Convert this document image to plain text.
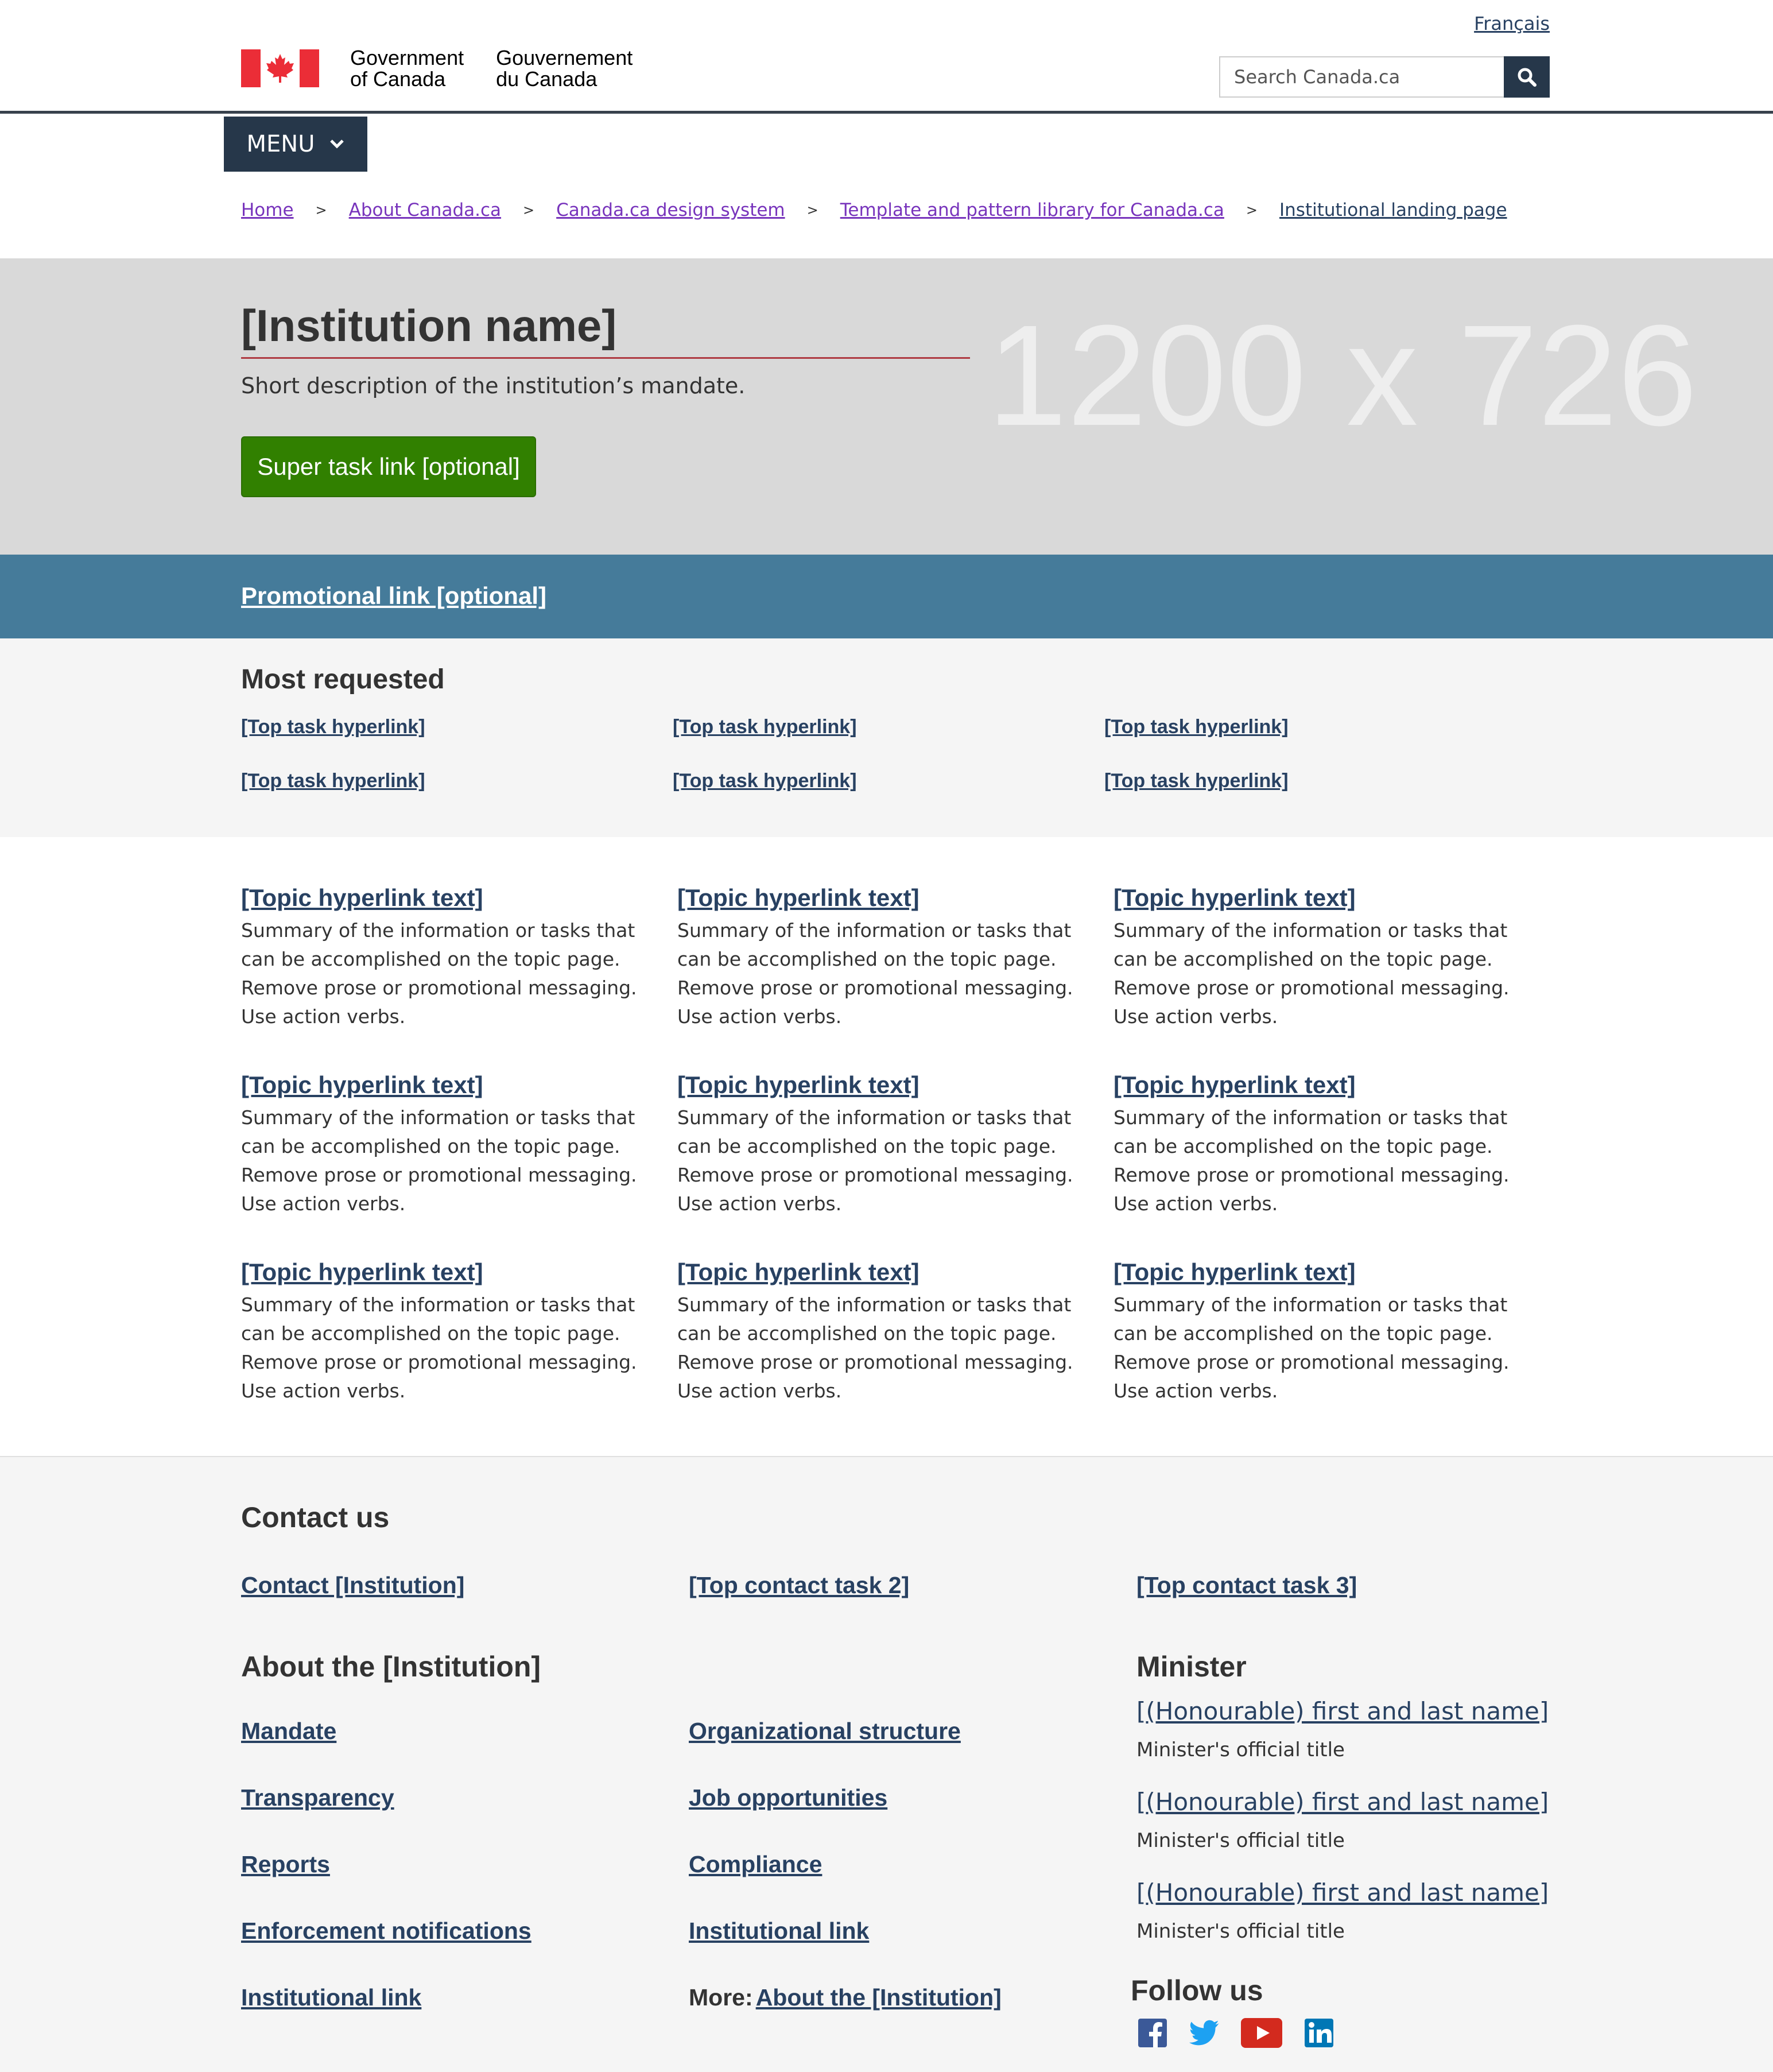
Français
Government
of Canada
Gouvernement
du Canada
Search Canada.ca
MENU
Home > About Canada.ca > Canada.ca design system > Template and pattern library for Canada.ca > Institutional landing page
1200 x 726
[Institution name]

Short description of the institution’s mandate.

Super task link [optional]
Promotional link [optional]
Most requested
[Top task hyperlink]	[Top task hyperlink]	[Top task hyperlink]
[Top task hyperlink]	[Top task hyperlink]	[Top task hyperlink]
[Topic hyperlink text]

Summary of the information or tasks that can be accomplished on the topic page. Remove prose or promotional messaging. Use action verbs.

[Topic hyperlink text]

Summary of the information or tasks that can be accomplished on the topic page. Remove prose or promotional messaging. Use action verbs.

[Topic hyperlink text]

Summary of the information or tasks that can be accomplished on the topic page. Remove prose or promotional messaging. Use action verbs.

[Topic hyperlink text]

Summary of the information or tasks that can be accomplished on the topic page. Remove prose or promotional messaging. Use action verbs.

[Topic hyperlink text]

Summary of the information or tasks that can be accomplished on the topic page. Remove prose or promotional messaging. Use action verbs.

[Topic hyperlink text]

Summary of the information or tasks that can be accomplished on the topic page. Remove prose or promotional messaging. Use action verbs.

[Topic hyperlink text]

Summary of the information or tasks that can be accomplished on the topic page. Remove prose or promotional messaging. Use action verbs.

[Topic hyperlink text]

Summary of the information or tasks that can be accomplished on the topic page. Remove prose or promotional messaging. Use action verbs.

[Topic hyperlink text]

Summary of the information or tasks that can be accomplished on the topic page. Remove prose or promotional messaging. Use action verbs.

Contact us
Contact [Institution]	[Top contact task 2]	[Top contact task 3]
About the [Institution]
Mandate
Transparency
Reports
Enforcement notifications
Institutional link
Organizational structure
Job opportunities
Compliance
Institutional link
More: About the [Institution]
Minister
[(Honourable) first and last name]
Minister's official title
[(Honourable) first and last name]
Minister's official title
[(Honourable) first and last name]
Minister's official title
Follow us
